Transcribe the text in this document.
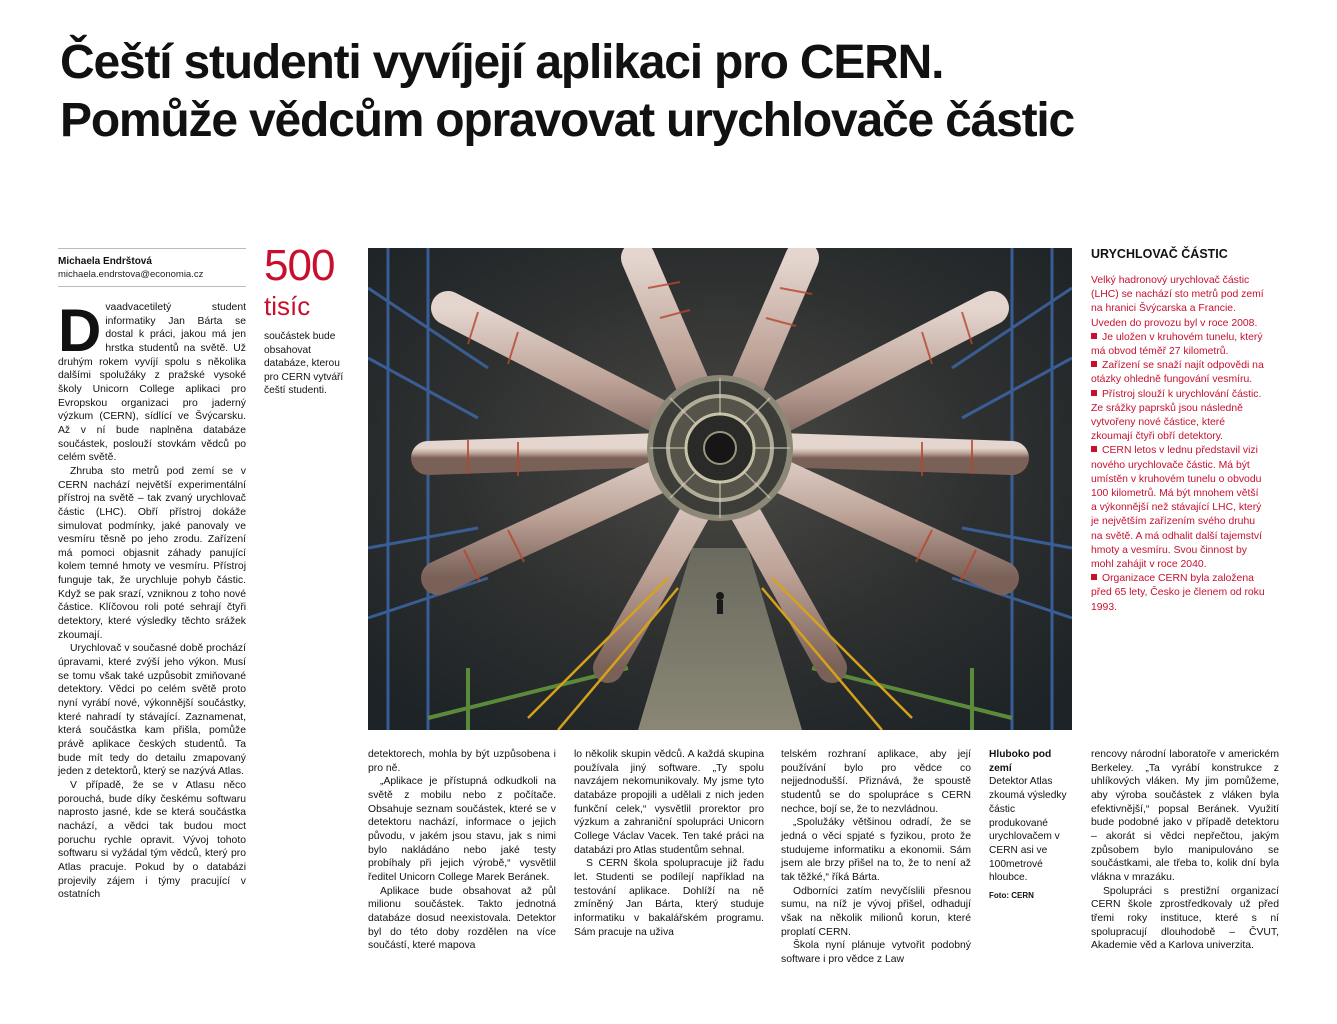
Čeští studenti vyvíjejí aplikaci pro CERN.
Pomůže vědcům opravovat urychlovače částic
Michaela Endrštová
michaela.endrstova@economia.cz

Dvaadvacetiletý student informatiky Jan Bárta se dostal k práci, jakou má jen hrstka studentů na světě. Už druhým rokem vyvíjí spolu s několika dalšími spolužáky z pražské vysoké školy Unicorn College aplikaci pro Evropskou organizaci pro jaderný výzkum (CERN), sídlící ve Švýcarsku. Až v ní bude naplněna databáze součástek, poslouží stovkám vědců po celém světě.

Zhruba sto metrů pod zemí se v CERN nachází největší experimentální přístroj na světě – tak zvaný urychlovač částic (LHC). Obří přístroj dokáže simulovat podmínky, jaké panovaly ve vesmíru těsně po jeho zrodu. Zařízení má pomoci objasnit záhady panující kolem temné hmoty ve vesmíru. Přístroj funguje tak, že urychluje pohyb částic. Když se pak srazí, vzniknou z toho nové částice. Klíčovou roli poté sehrají čtyři detektory, které výsledky těchto srážek zkoumají.

Urychlovač v současné době prochází úpravami, které zvýší jeho výkon. Musí se tomu však také uzpůsobit zmiňované detektory. Vědci po celém světě proto nyní vyrábí nové, výkonnější součástky, které nahradí ty stávající. Zaznamenat, která součástka kam přišla, pomůže právě aplikace českých studentů. Ta bude mít tedy do detailu zmapovaný jeden z detektorů, který se nazývá Atlas.

V případě, že se v Atlasu něco porouchá, bude díky českému softwaru naprosto jasné, kde se která součástka nachází, a vědci tak budou moct poruchu rychle opravit. Vývoj tohoto softwaru si vyžádal tým vědců, který pro Atlas pracuje. Pokud by o databázi projevily zájem i týmy pracující v ostatních

500
tisíc
součástek bude obsahovat databáze, kterou pro CERN vytváří čeští studenti.
URYCHLOVAČ ČÁSTIC
Velký hadronový urychlovač částic (LHC) se nachází sto metrů pod zemí na hranici Švýcarska a Francie. Uveden do provozu byl v roce 2008.
Je uložen v kruhovém tunelu, který má obvod téměř 27 kilometrů.
Zařízení se snaží najít odpovědi na otázky ohledně fungování vesmíru.
Přístroj slouží k urychlování částic. Ze srážky paprsků jsou následně vytvořeny nové částice, které zkoumají čtyři obří detektory.
CERN letos v lednu představil vizi nového urychlovače částic. Má být umístěn v kruhovém tunelu o obvodu 100 kilometrů. Má být mnohem větší a výkonnější než stávající LHC, který je největším zařízením svého druhu na světě. A má odhalit další tajemství hmoty a vesmíru. Svou činnost by mohl zahájit v roce 2040.
Organizace CERN byla založena před 65 lety, Česko je členem od roku 1993.

detektorech, mohla by být uzpůsobena i pro ně.

„Aplikace je přístupná odkudkoli na světě z mobilu nebo z počítače. Obsahuje seznam součástek, které se v detektoru nachází, informace o jejich původu, v jakém jsou stavu, jak s nimi bylo nakládáno nebo jaké testy probíhaly při jejich výrobě,“ vysvětlil ředitel Unicorn College Marek Beránek.

Aplikace bude obsahovat až půl milionu součástek. Takto jednotná databáze dosud neexistovala. Detektor byl do této doby rozdělen na více součástí, které mapova

lo několik skupin vědců. A každá skupina používala jiný software. „Ty spolu navzájem nekomunikovaly. My jsme tyto databáze propojili a udělali z nich jeden funkční celek,“ vysvětlil prorektor pro výzkum a zahraniční spolupráci Unicorn College Václav Vacek. Ten také práci na databázi pro Atlas studentům sehnal.

S CERN škola spolupracuje již řadu let. Studenti se podílejí například na testování aplikace. Dohlíží na ně zmíněný Jan Bárta, který studuje informatiku v bakalářském programu. Sám pracuje na uživa

telském rozhraní aplikace, aby její používání bylo pro vědce co nejjednodušší. Přiznává, že spoustě studentů se do spolupráce s CERN nechce, bojí se, že to nezvládnou.

„Spolužáky většinou odradí, že se jedná o věci spjaté s fyzikou, proto že studujeme informatiku a ekonomii. Sám jsem ale brzy přišel na to, že to není až tak těžké,“ říká Bárta.

Odborníci zatím nevyčíslili přesnou sumu, na níž je vývoj přišel, odhadují však na několik milionů korun, které proplatí CERN.

Škola nyní plánuje vytvořit podobný software i pro vědce z Law

Hluboko pod zemí
Detektor Atlas zkoumá výsledky částic produkované urychlovačem v CERN asi ve 100metrové hloubce.
Foto: CERN

rencovy národní laboratoře v americkém Berkeley. „Ta vyrábí konstrukce z uhlíkových vláken. My jim pomůžeme, aby výroba součástek z vláken byla efektivnější,“ popsal Beránek. Využití bude podobné jako v případě detektoru – akorát si vědci nepřečtou, jakým způsobem bylo manipulováno se součástkami, ale třeba to, kolik dní byla vlákna v mrazáku.

Spolupráci s prestižní organizací CERN škole zprostředkovaly už před třemi roky instituce, které s ní spolupracují dlouhodobě – ČVUT, Akademie věd a Karlova univerzita.
